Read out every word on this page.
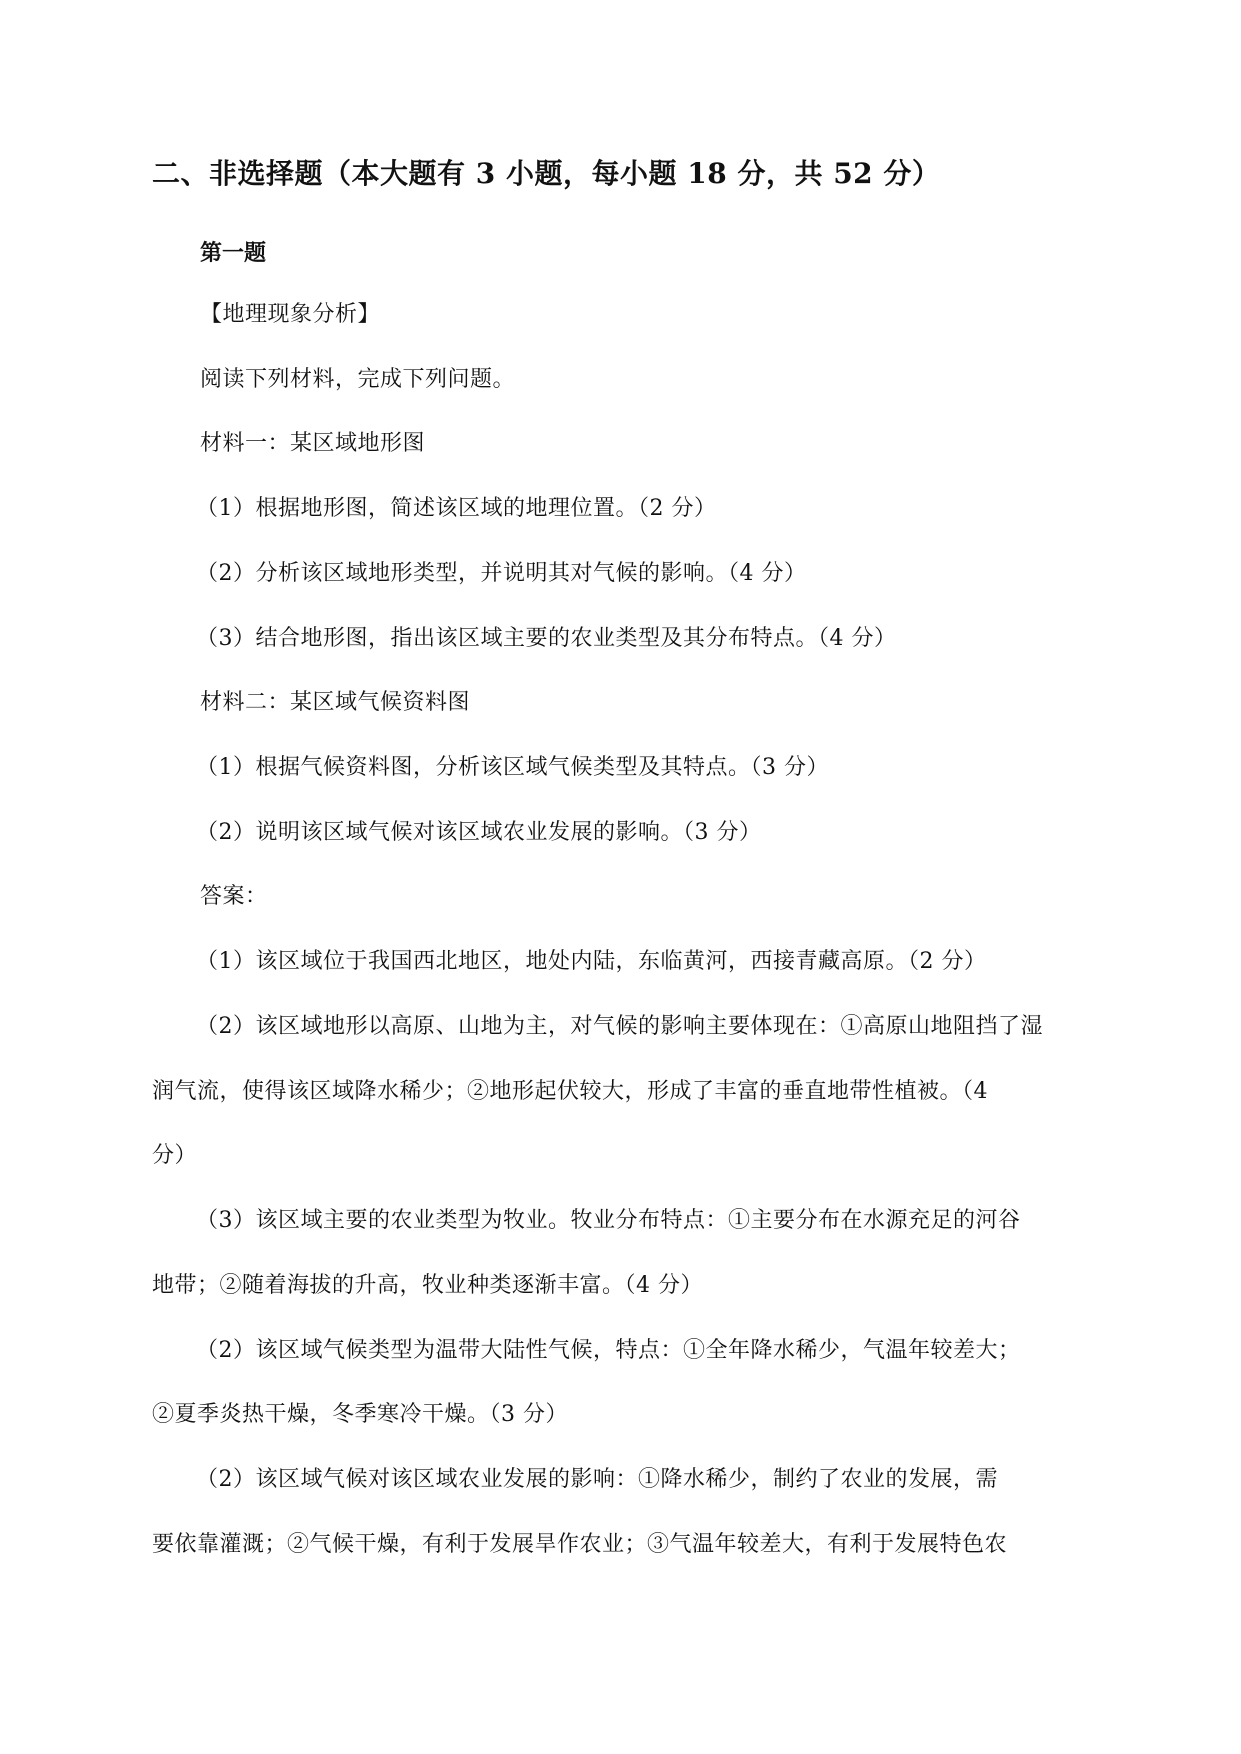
二、非选择题（本大题有 3 小题，每小题 18 分，共 52 分）
第一题
【地理现象分析】
阅读下列材料，完成下列问题。
材料一：某区域地形图
（1）根据地形图，简述该区域的地理位置。（2 分）
（2）分析该区域地形类型，并说明其对气候的影响。（4 分）
（3）结合地形图，指出该区域主要的农业类型及其分布特点。（4 分）
材料二：某区域气候资料图
（1）根据气候资料图，分析该区域气候类型及其特点。（3 分）
（2）说明该区域气候对该区域农业发展的影响。（3 分）
答案：
（1）该区域位于我国西北地区，地处内陆，东临黄河，西接青藏高原。（2 分）
（2）该区域地形以高原、山地为主，对气候的影响主要体现在：①高原山地阻挡了湿
润气流，使得该区域降水稀少；②地形起伏较大，形成了丰富的垂直地带性植被。（4
分）
（3）该区域主要的农业类型为牧业。牧业分布特点：①主要分布在水源充足的河谷
地带；②随着海拔的升高，牧业种类逐渐丰富。（4 分）
（2）该区域气候类型为温带大陆性气候，特点：①全年降水稀少，气温年较差大；
②夏季炎热干燥，冬季寒冷干燥。（3 分）
（2）该区域气候对该区域农业发展的影响：①降水稀少，制约了农业的发展，需
要依靠灌溉；②气候干燥，有利于发展旱作农业；③气温年较差大，有利于发展特色农
